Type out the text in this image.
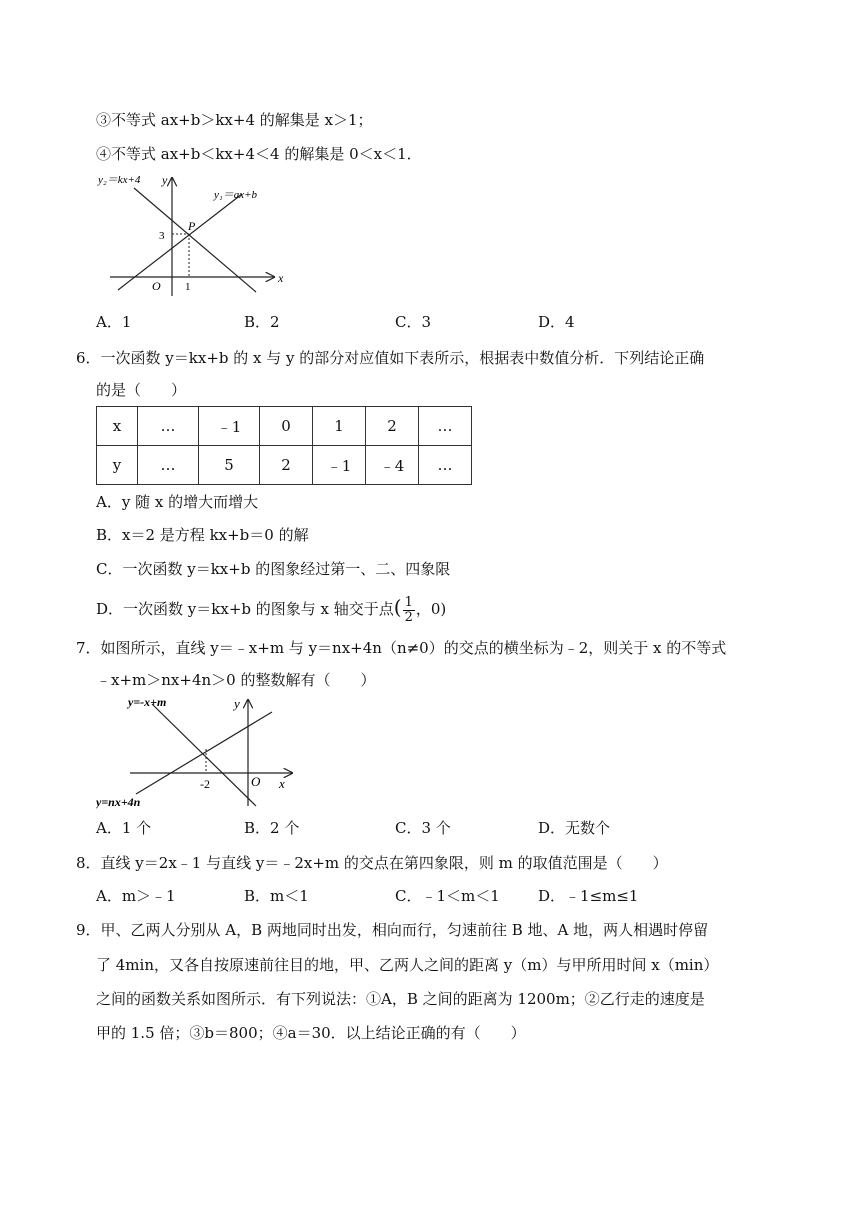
③不等式 ax+b＞kx+4 的解集是 x＞1；
④不等式 ax+b＜kx+4＜4 的解集是 0＜x＜1．
y₂＝kx+4 y
y₁＝ax+b
P
3
O 1
x
A．1	B．2	C．3	D．4
6．一次函数 y＝kx+b 的 x 与 y 的部分对应值如下表所示，根据表中数值分析．下列结论正确
的是（　　）
x	…	﹣1	0	1	2	…
y	…	5	2	﹣1	﹣4	…
A．y 随 x 的增大而增大
B．x＝2 是方程 kx+b＝0 的解
C．一次函数 y＝kx+b 的图象经过第一、二、四象限
D．一次函数 y＝kx+b 的图象与 x 轴交于点( $\frac{1}{2}$ ，0)
7．如图所示，直线 y＝﹣x+m 与 y＝nx+4n（n≠0）的交点的横坐标为﹣2，则关于 x 的不等式
﹣x+m＞nx+4n＞0 的整数解有（　　）
y=-x+m	y
-2	O x
y=nx+4n
A．1 个	B．2 个	C．3 个	D．无数个
8．直线 y＝2x﹣1 与直线 y＝﹣2x+m 的交点在第四象限，则 m 的取值范围是（　　）
A．m＞﹣1	B．m＜1	C．﹣1＜m＜1	D．﹣1≤m≤1
9．甲、乙两人分别从 A，B 两地同时出发，相向而行，匀速前往 B 地、A 地，两人相遇时停留
了 4min，又各自按原速前往目的地，甲、乙两人之间的距离 y（m）与甲所用时间 x（min）
之间的函数关系如图所示．有下列说法：①A，B 之间的距离为 1200m；②乙行走的速度是
甲的 1.5 倍；③b＝800；④a＝30．以上结论正确的有（　　）
